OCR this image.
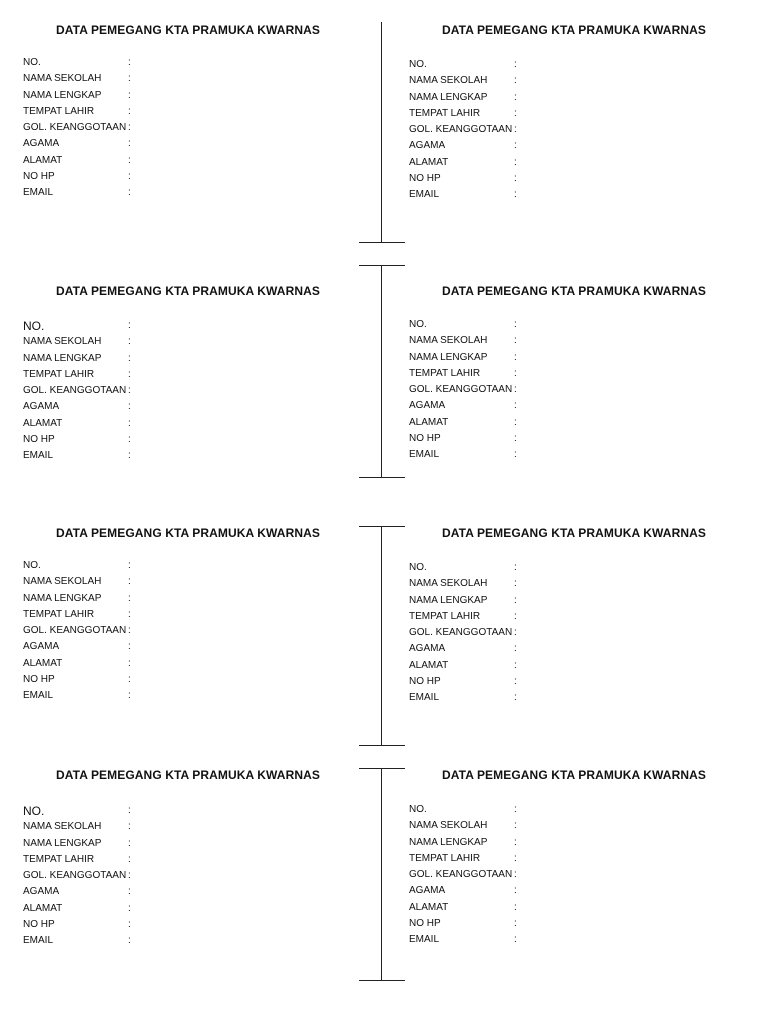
DATA PEMEGANG KTA PRAMUKA KWARNAS
NO.	:
NAMA SEKOLAH	:
NAMA LENGKAP	:
TEMPAT LAHIR	:
GOL. KEANGGOTAAN :
AGAMA	:
ALAMAT	:
NO HP	:
EMAIL	:
DATA PEMEGANG KTA PRAMUKA KWARNAS
NO.	:
NAMA SEKOLAH	:
NAMA LENGKAP	:
TEMPAT LAHIR	:
GOL. KEANGGOTAAN :
AGAMA	:
ALAMAT	:
NO HP	:
EMAIL	:
DATA PEMEGANG KTA PRAMUKA KWARNAS
NO.	:
NAMA SEKOLAH	:
NAMA LENGKAP	:
TEMPAT LAHIR	:
GOL. KEANGGOTAAN :
AGAMA	:
ALAMAT	:
NO HP	:
EMAIL	:
DATA PEMEGANG KTA PRAMUKA KWARNAS
NO.	:
NAMA SEKOLAH	:
NAMA LENGKAP	:
TEMPAT LAHIR	:
GOL. KEANGGOTAAN :
AGAMA	:
ALAMAT	:
NO HP	:
EMAIL	:
DATA PEMEGANG KTA PRAMUKA KWARNAS
NO.	:
NAMA SEKOLAH	:
NAMA LENGKAP	:
TEMPAT LAHIR	:
GOL. KEANGGOTAAN :
AGAMA	:
ALAMAT	:
NO HP	:
EMAIL	:
DATA PEMEGANG KTA PRAMUKA KWARNAS
NO.	:
NAMA SEKOLAH	:
NAMA LENGKAP	:
TEMPAT LAHIR	:
GOL. KEANGGOTAAN :
AGAMA	:
ALAMAT	:
NO HP	:
EMAIL	:
DATA PEMEGANG KTA PRAMUKA KWARNAS
NO.	:
NAMA SEKOLAH	:
NAMA LENGKAP	:
TEMPAT LAHIR	:
GOL. KEANGGOTAAN :
AGAMA	:
ALAMAT	:
NO HP	:
EMAIL	:
DATA PEMEGANG KTA PRAMUKA KWARNAS
NO.	:
NAMA SEKOLAH	:
NAMA LENGKAP	:
TEMPAT LAHIR	:
GOL. KEANGGOTAAN :
AGAMA	:
ALAMAT	:
NO HP	:
EMAIL	:
